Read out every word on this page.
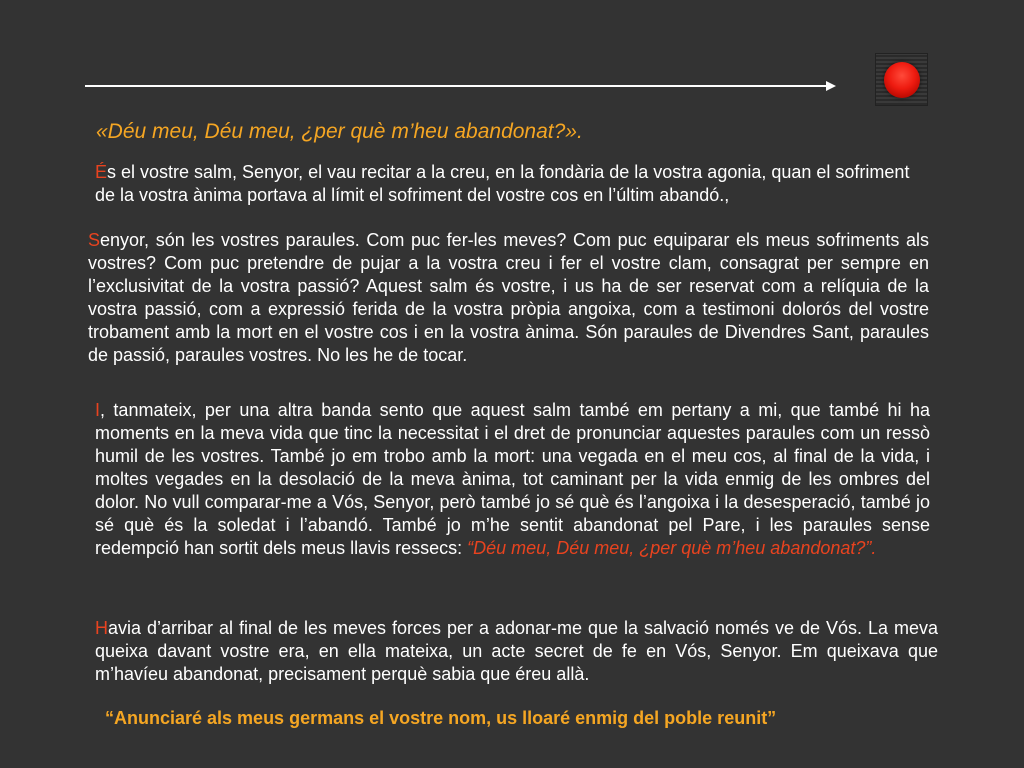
«Déu meu, Déu meu, ¿per què m’heu abandonat?».

És el vostre salm, Senyor, el vau recitar a la creu, en la fondària de la vostra agonia, quan el sofriment de la vostra ànima portava al límit el sofriment del vostre cos en l’últim abandó.,

Senyor, són les vostres paraules. Com puc fer-les meves? Com puc equiparar els meus sofriments als vostres? Com puc pretendre de pujar a la vostra creu i fer el vostre clam, consagrat per sempre en l’exclusivitat de la vostra passió? Aquest salm és vostre, i us ha de ser reservat com a relíquia de la vostra passió, com a expressió ferida de la vostra pròpia angoixa, com a testimoni dolorós del vostre trobament amb la mort en el vostre cos i en la vostra ànima. Són paraules de Divendres Sant, paraules de passió, paraules vostres. No les he de tocar.

I, tanmateix, per una altra banda sento que aquest salm també em pertany a mi, que també hi ha moments en la meva vida que tinc la necessitat i el dret de pronunciar aquestes paraules com un ressò humil de les vostres. També jo em trobo amb la mort: una vegada en el meu cos, al final de la vida, i moltes vegades en la desolació de la meva ànima, tot caminant per la vida enmig de les ombres del dolor. No vull comparar-me a Vós, Senyor, però també jo sé què és l’angoixa i la desesperació, també jo sé què és la soledat i l’abandó. També jo m’he sentit abandonat pel Pare, i les paraules sense redempció han sortit dels meus llavis ressecs: “Déu meu, Déu meu, ¿per què m’heu abandonat?”.

Havia d’arribar al final de les meves forces per a adonar-me que la salvació només ve de Vós. La meva queixa davant vostre era, en ella mateixa, un acte secret de fe en Vós, Senyor. Em queixava que m’havíeu abandonat, precisament perquè sabia que éreu allà.

“Anunciaré als meus germans el vostre nom, us lloaré enmig del poble reunit”
